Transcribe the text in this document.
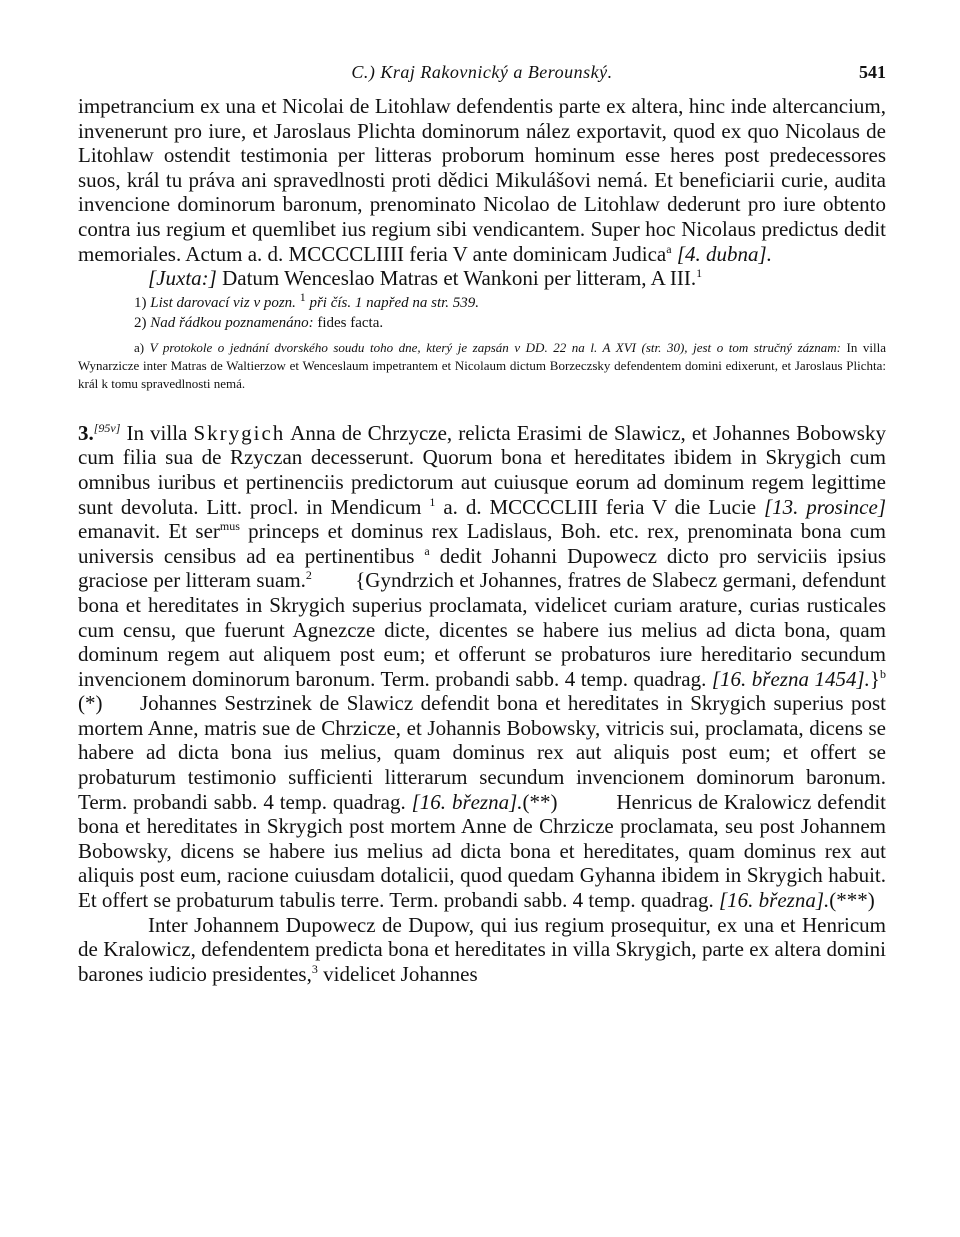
C.) Kraj Rakovnický a Berounský.	541

impetrancium ex una et Nicolai de Litohlaw defendentis parte ex altera, hinc inde altercancium, invenerunt pro iure, et Jaroslaus Plichta dominorum nález exportavit, quod ex quo Nicolaus de Litohlaw ostendit testimonia per litteras proborum hominum esse heres post predecessores suos, král tu práva ani spravedlnosti proti dědici Mikulášovi nemá. Et beneficiarii curie, audita invencione dominorum baronum, prenominato Nicolao de Litohlaw dederunt pro iure obtento contra ius regium et quemlibet ius regium sibi vendicantem. Super hoc Nicolaus predictus dedit memoriales. Actum a. d. MCCCCLIIII feria V ante dominicam Judica$^a$ [4. dubna].

[Juxta:] Datum Wenceslao Matras et Wankoni per litteram, A III.$^1$

1) List darovací viz v pozn. $^1$ při čís. 1 napřed na str. 539.

2) Nad řádkou poznamenáno: fides facta.

a) V protokole o jednání dvorského soudu toho dne, který je zapsán v DD. 22 na l. A XVI (str. 30), jest o tom stručný záznam: In villa Wynarzicze inter Matras de Waltierzow et Wenceslaum impetrantem et Nicolaum dictum Borzeczsky defendentem domini edixerunt, et Jaroslaus Plichta: král k tomu spravedlnosti nemá.

3.[95v] In villa Skrygich Anna de Chrzycze, relicta Erasimi de Slawicz, et Johannes Bobowsky cum filia sua de Rzyczan decesserunt. Quorum bona et hereditates ibidem in Skrygich cum omnibus iuribus et pertinenciis predictorum aut cuiusque eorum ad dominum regem legittime sunt devoluta. Litt. procl. in Mendicum $^1$ a. d. MCCCCLIII feria V die Lucie [13. prosince] emanavit. Et ser$^{mus}$ princeps et dominus rex Ladislaus, Boh. etc. rex, prenominata bona cum universis censibus ad ea pertinentibus $^a$ dedit Johanni Dupowecz dicto pro serviciis ipsius graciose per litteram suam.$^2$        {Gyndrzich et Johannes, fratres de Slabecz germani, defendunt bona et hereditates in Skrygich superius proclamata, videlicet curiam arature, curias rusticales cum censu, que fuerunt Agnezcze dicte, dicentes se habere ius melius ad dicta bona, quam dominum regem aut aliquem post eum; et offerunt se probaturos iure hereditario secundum invencionem dominorum baronum. Term. probandi sabb. 4 temp. quadrag. [16. března 1454].}$^b$ (*)     Johannes Sestrzinek de Slawicz defendit bona et hereditates in Skrygich superius post mortem Anne, matris sue de Chrzicze, et Johannis Bobowsky, vitricis sui, proclamata, dicens se habere ad dicta bona ius melius, quam dominus rex aut aliquis post eum; et offert se probaturum testimonio sufficienti litterarum secundum invencionem dominorum baronum. Term. probandi sabb. 4 temp. quadrag. [16. března].(**)          Henricus de Kralowicz defendit bona et hereditates in Skrygich post mortem Anne de Chrzicze proclamata, seu post Johannem Bobowsky, dicens se habere ius melius ad dicta bona et hereditates, quam dominus rex aut aliquis post eum, racione cuiusdam dotalicii, quod quedam Gyhanna ibidem in Skrygich habuit. Et offert se probaturum tabulis terre. Term. probandi sabb. 4 temp. quadrag. [16. března].(***)

Inter Johannem Dupowecz de Dupow, qui ius regium prosequitur, ex una et Henricum de Kralowicz, defendentem predicta bona et hereditates in villa Skrygich, parte ex altera domini barones iudicio presidentes,$^3$ videlicet Johannes
